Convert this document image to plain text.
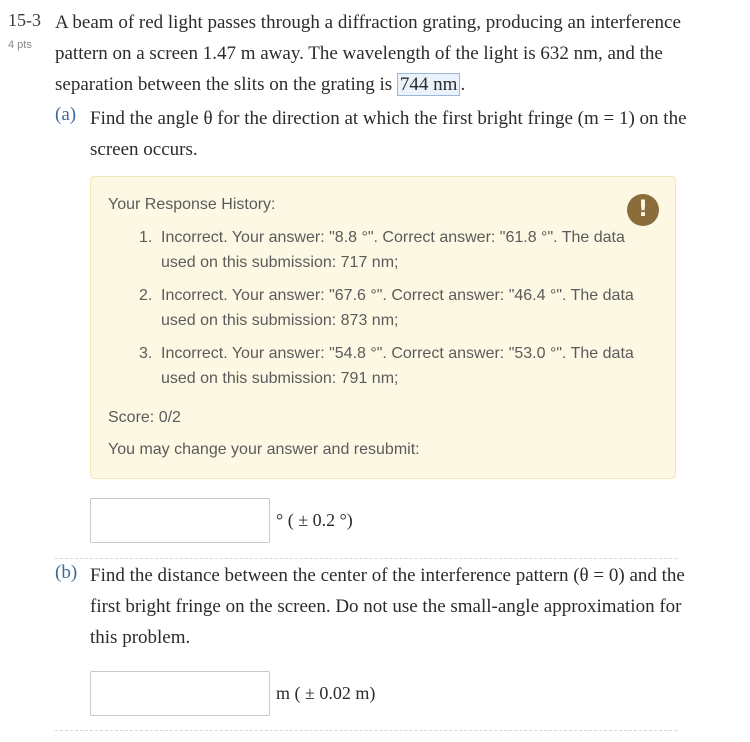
15-3
4 pts
A beam of red light passes through a diffraction grating, producing an interference pattern on a screen 1.47 m away. The wavelength of the light is 632 nm, and the separation between the slits on the grating is 744 nm .
(a) Find the angle θ for the direction at which the first bright fringe (m = 1) on the screen occurs.
Your Response History:	!
1. Incorrect. Your answer: "8.8 °". Correct answer: "61.8 °". The data used on this submission: 717 nm;
2. Incorrect. Your answer: "67.6 °". Correct answer: "46.4 °". The data used on this submission: 873 nm;
3. Incorrect. Your answer: "54.8 °". Correct answer: "53.0 °". The data used on this submission: 791 nm;
Score: 0/2
You may change your answer and resubmit:
° ( ± 0.2 °)
(b) Find the distance between the center of the interference pattern (θ = 0) and the first bright fringe on the screen. Do not use the small-angle approximation for this problem.
m ( ± 0.02 m)
